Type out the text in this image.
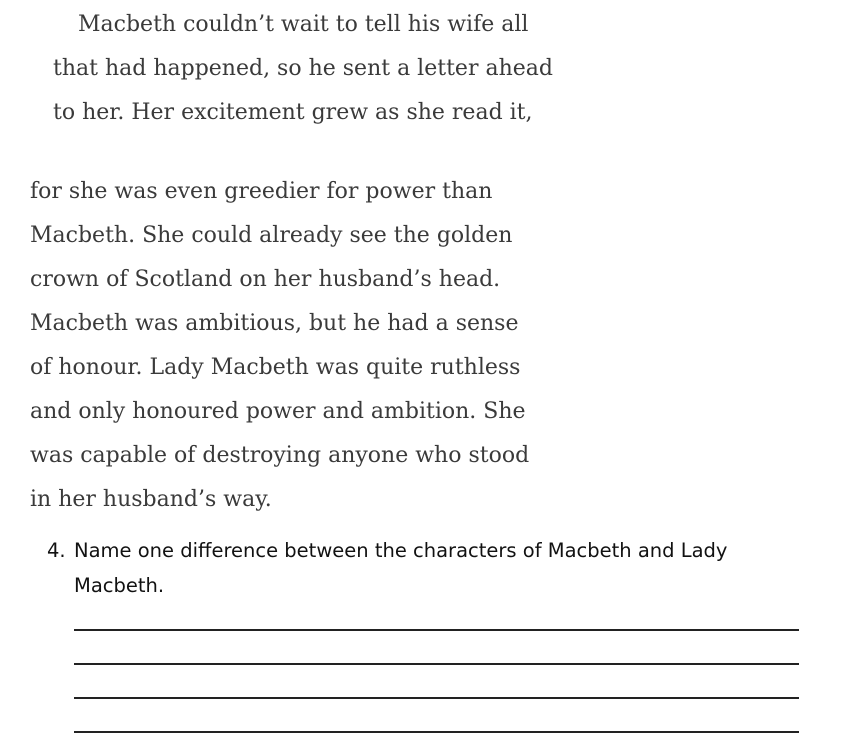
Macbeth couldn’t wait to tell his wife all
that had happened, so he sent a letter ahead
to her. Her excitement grew as she read it,
for she was even greedier for power than
Macbeth. She could already see the golden
crown of Scotland on her husband’s head.
Macbeth was ambitious, but he had a sense
of honour. Lady Macbeth was quite ruthless
and only honoured power and ambition. She
was capable of destroying anyone who stood
in her husband’s way.
4. Name one difference between the characters of Macbeth and Lady
Macbeth.
